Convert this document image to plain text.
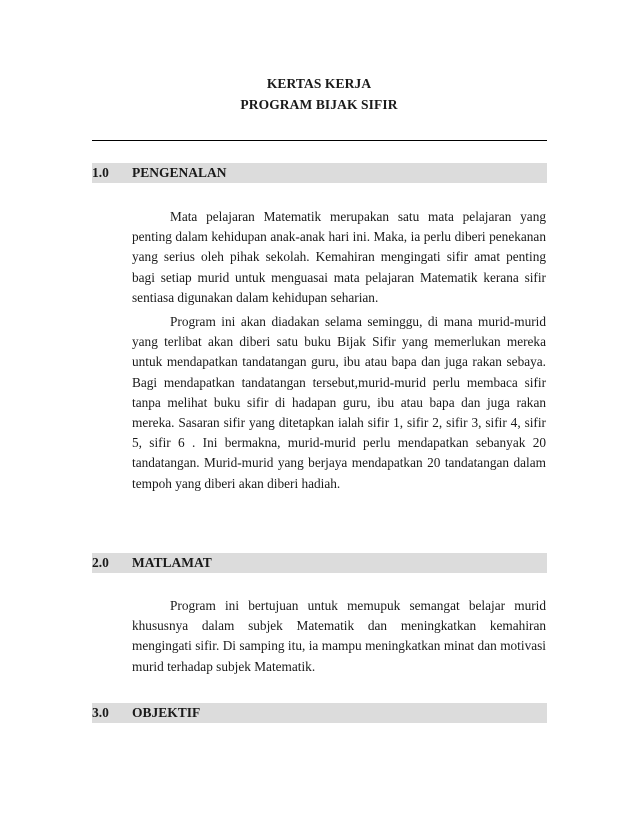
KERTAS KERJA
PROGRAM BIJAK SIFIR
1.0 PENGENALAN

Mata pelajaran Matematik merupakan satu mata pelajaran yang penting dalam kehidupan anak-anak hari ini. Maka, ia perlu diberi penekanan yang serius oleh pihak sekolah. Kemahiran mengingati sifir amat penting bagi setiap murid untuk menguasai mata pelajaran Matematik kerana sifir sentiasa digunakan dalam kehidupan seharian.

Program ini akan diadakan selama seminggu, di mana murid-murid yang terlibat akan diberi satu buku Bijak Sifir yang memerlukan mereka untuk mendapatkan tandatangan guru, ibu atau bapa dan juga rakan sebaya. Bagi mendapatkan tandatangan tersebut,murid-murid perlu membaca sifir tanpa melihat buku sifir di hadapan guru, ibu atau bapa dan juga rakan mereka. Sasaran sifir yang ditetapkan ialah sifir 1, sifir 2, sifir 3, sifir 4, sifir 5, sifir 6 . Ini bermakna, murid-murid perlu mendapatkan sebanyak 20 tandatangan. Murid-murid yang berjaya mendapatkan 20 tandatangan dalam tempoh yang diberi akan diberi hadiah.

2.0 MATLAMAT

Program ini bertujuan untuk memupuk semangat belajar murid khususnya dalam subjek Matematik dan meningkatkan kemahiran mengingati sifir. Di samping itu, ia mampu meningkatkan minat dan motivasi murid terhadap subjek Matematik.

3.0 OBJEKTIF
